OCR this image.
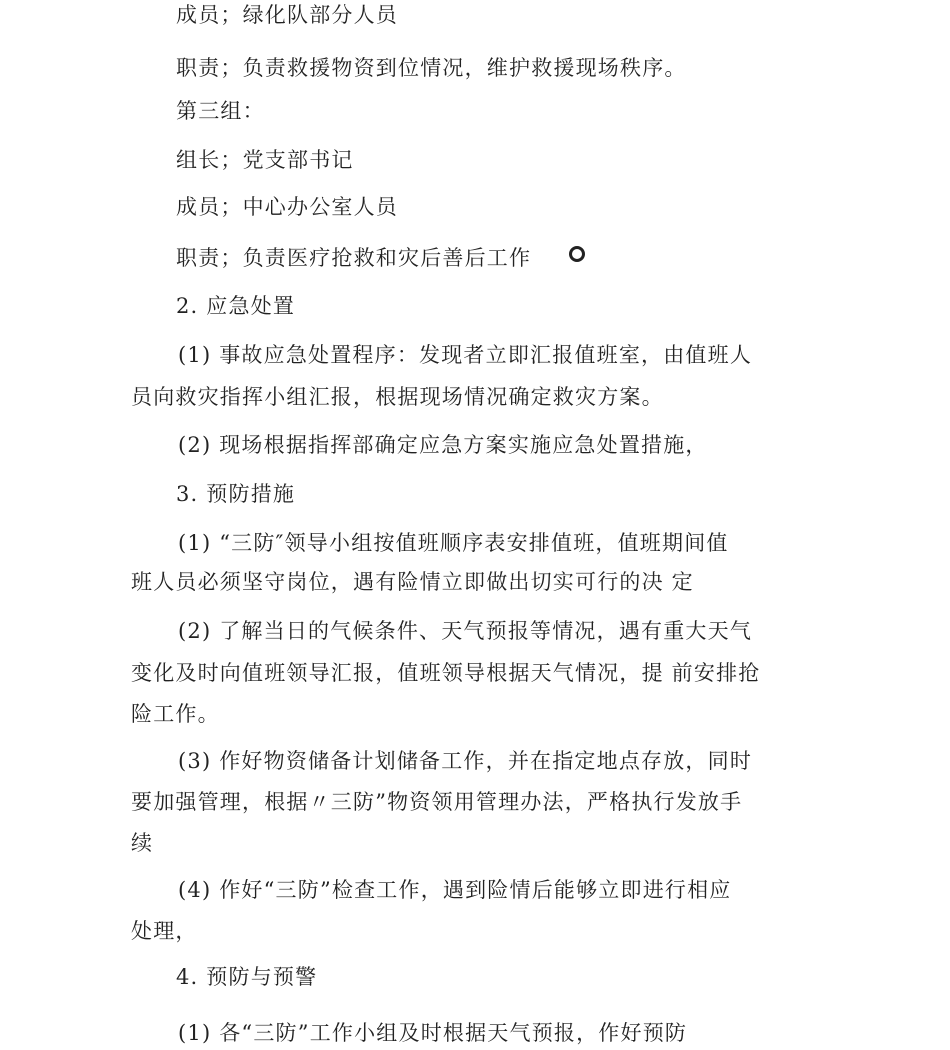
成员；绿化队部分人员
职责；负责救援物资到位情况，维护救援现场秩序。
第三组：
组长；党支部书记
成员；中心办公室人员
职责；负责医疗抢救和灾后善后工作
2. 应急处置
(1) 事故应急处置程序：发现者立即汇报值班室，由值班人
员向救灾指挥小组汇报，根据现场情况确定救灾方案。
(2) 现场根据指挥部确定应急方案实施应急处置措施，
3. 预防措施
(1) “三防″领导小组按值班顺序表安排值班，值班期间值
班人员必须坚守岗位，遇有险情立即做出切实可行的决 定
(2) 了解当日的气候条件、天气预报等情况，遇有重大天气
变化及时向值班领导汇报，值班领导根据天气情况，提 前安排抢
险工作。
(3) 作好物资储备计划储备工作，并在指定地点存放，同时
要加强管理，根据〃三防”物资领用管理办法，严格执行发放手
续
(4) 作好“三防”检查工作，遇到险情后能够立即进行相应
处理，
4. 预防与预警
(1) 各“三防”工作小组及时根据天气预报，作好预防
